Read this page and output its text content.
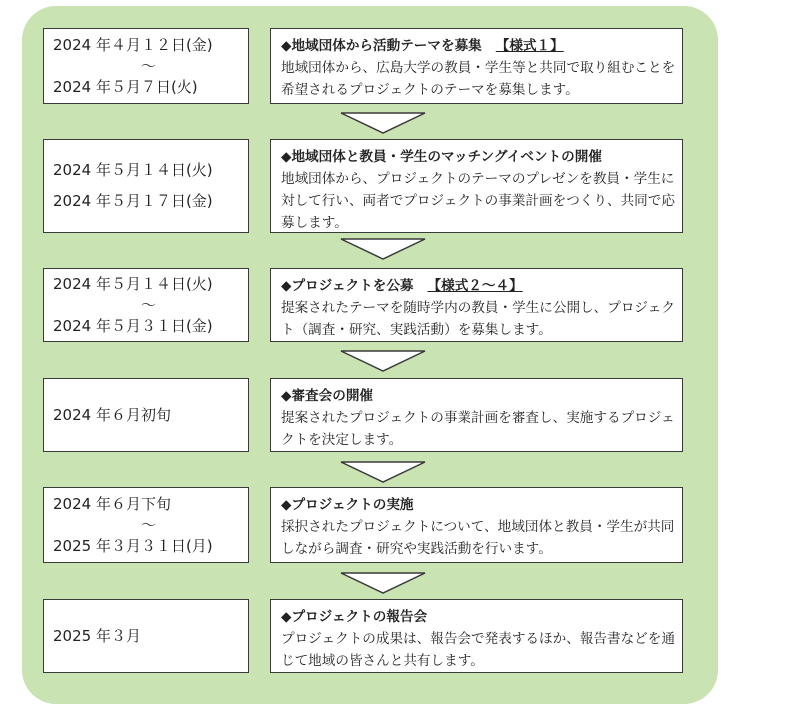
2024 年４月１２日(金)
～
2024 年５月７日(火)
◆地域団体から活動テーマを募集 【様式１】
地域団体から、広島大学の教員・学生等と共同で取り組むことを希望されるプロジェクトのテーマを募集します。
2024 年５月１４日(火)
2024 年５月１７日(金)
◆地域団体と教員・学生のマッチングイベントの開催
地域団体から、プロジェクトのテーマのプレゼンを教員・学生に対して行い、両者でプロジェクトの事業計画をつくり、共同で応募します。
2024 年５月１４日(火)
～
2024 年５月３１日(金)
◆プロジェクトを公募 【様式２～４】
提案されたテーマを随時学内の教員・学生に公開し、プロジェクト（調査・研究、実践活動）を募集します。
2024 年６月初旬
◆審査会の開催
提案されたプロジェクトの事業計画を審査し、実施するプロジェクトを決定します。
2024 年６月下旬
～
2025 年３月３１日(月)
◆プロジェクトの実施
採択されたプロジェクトについて、地域団体と教員・学生が共同しながら調査・研究や実践活動を行います。
2025 年３月
◆プロジェクトの報告会
プロジェクトの成果は、報告会で発表するほか、報告書などを通じて地域の皆さんと共有します。
